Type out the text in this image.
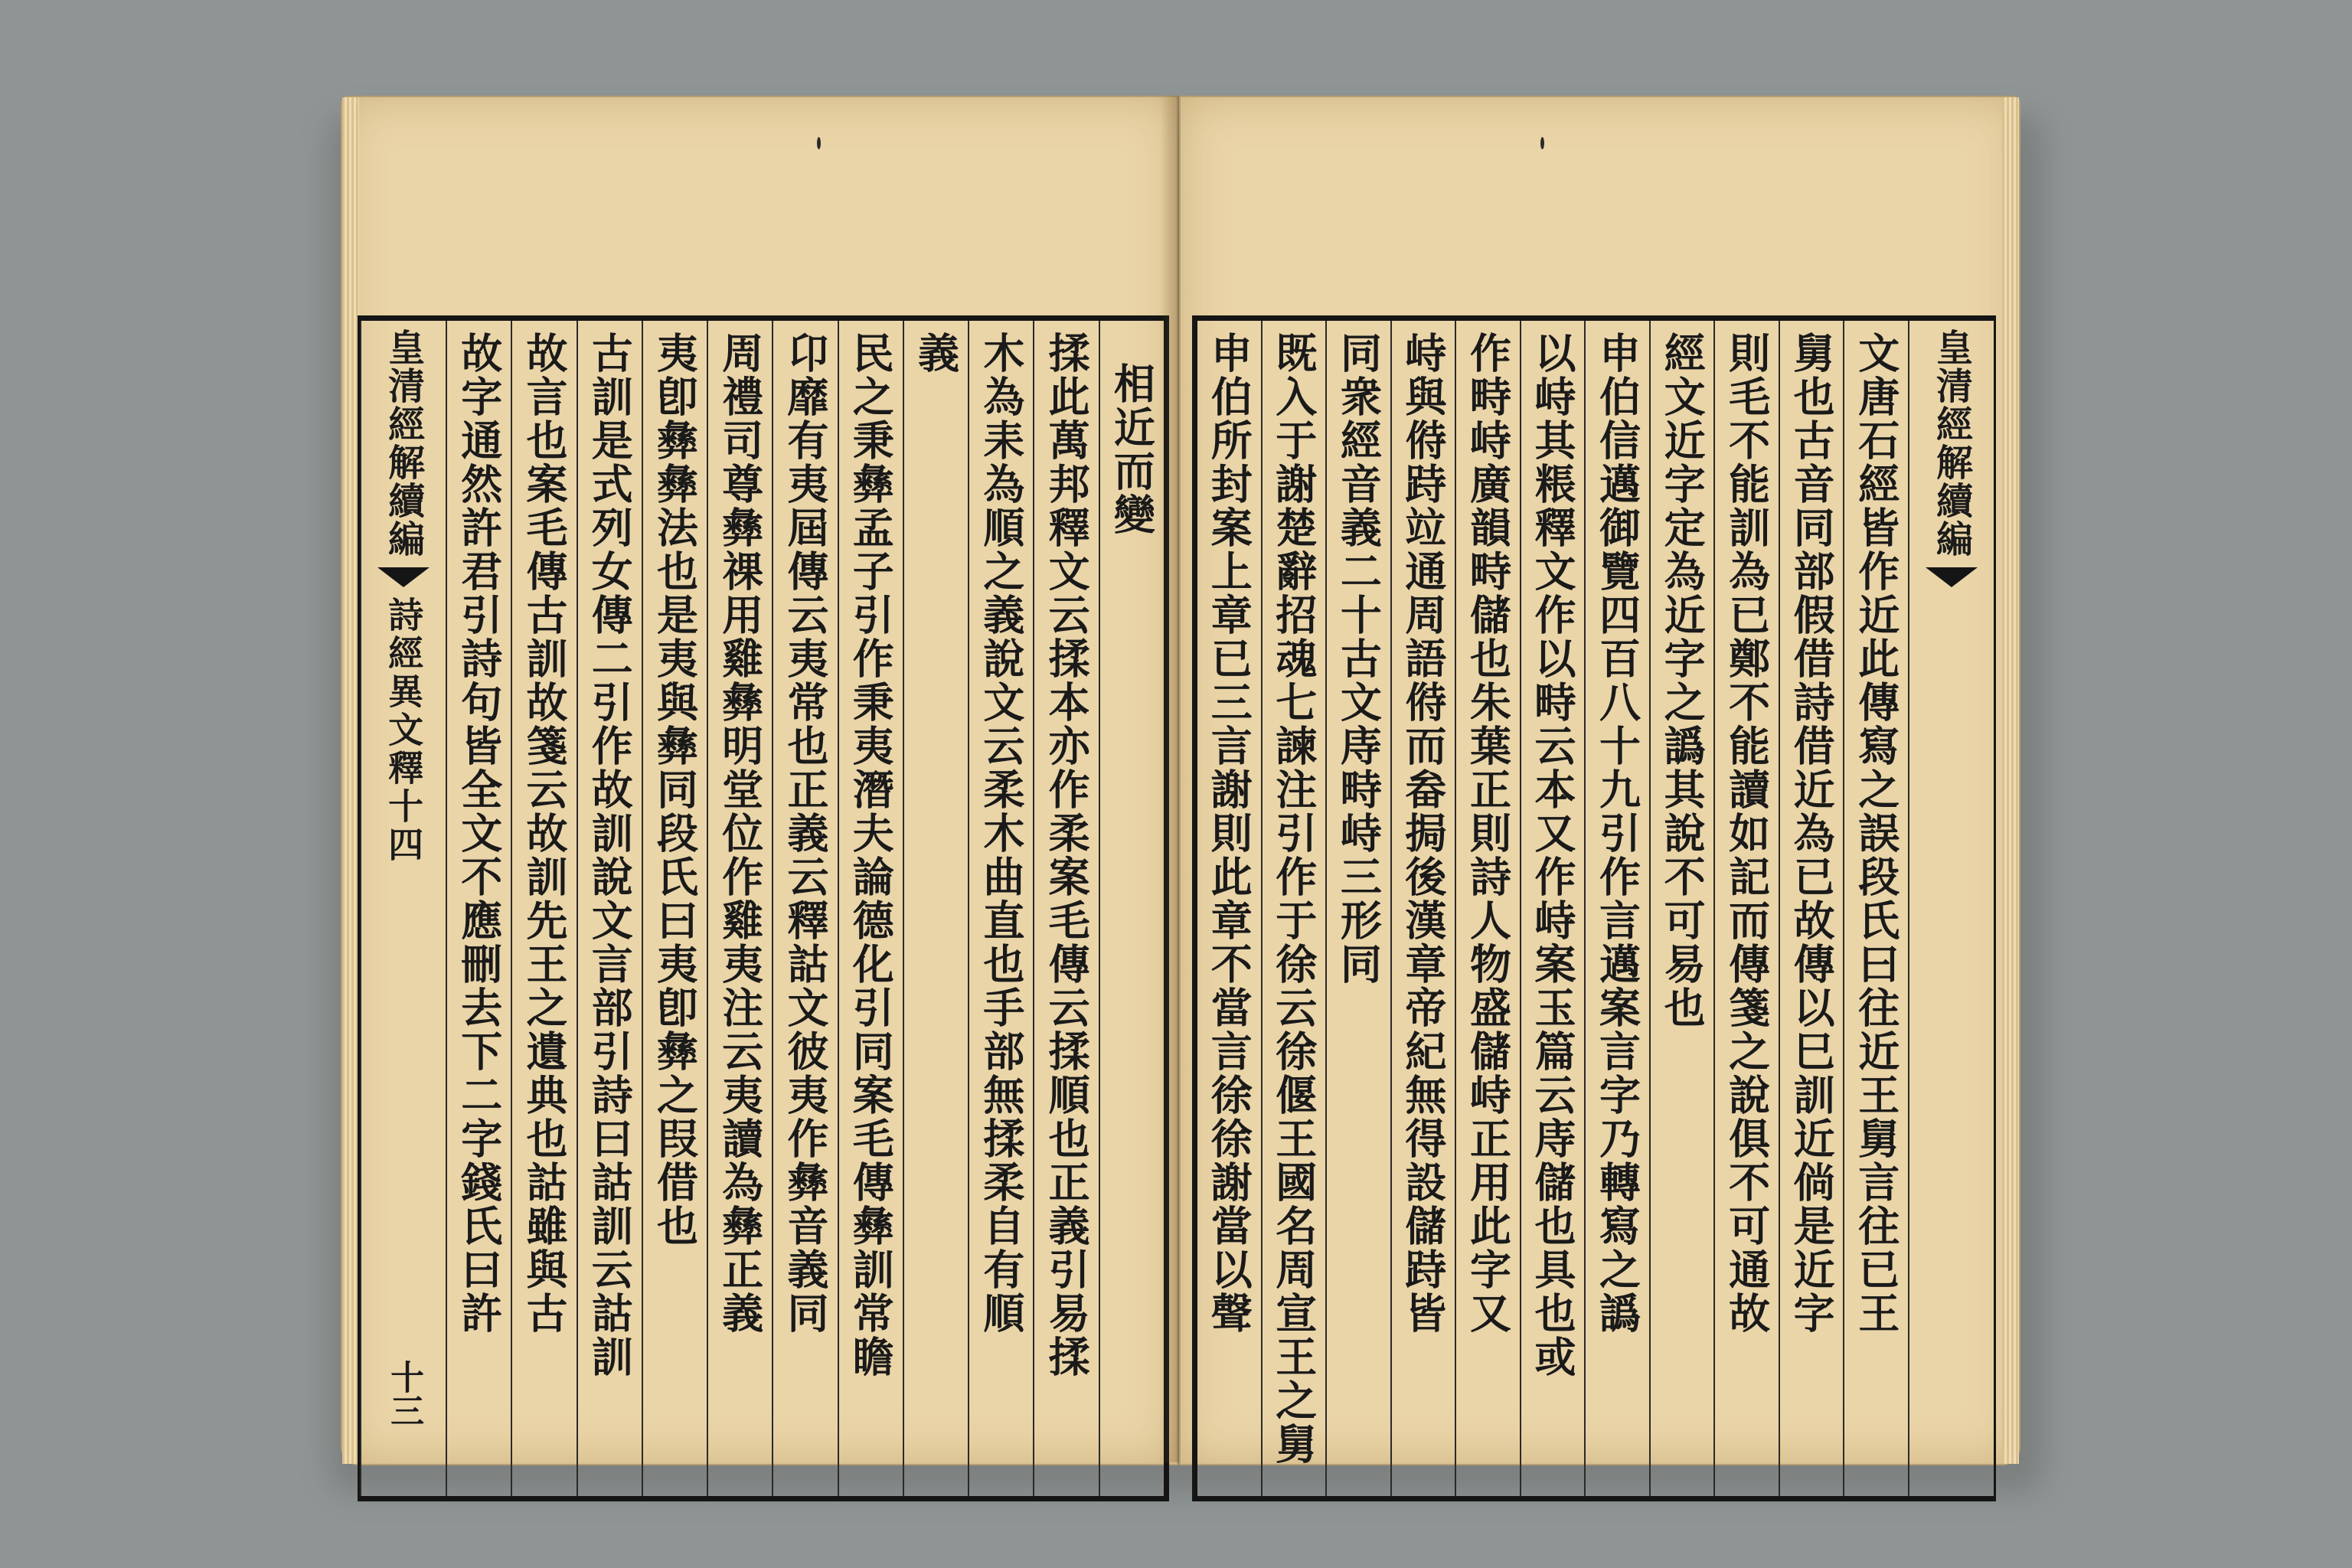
相近而變
揉此萬邦釋文云揉本亦作柔案毛傳云揉順也正義引易揉
木為耒為順之義說文云柔木曲直也手部無揉柔自有順
義
民之秉彝孟子引作秉夷潛夫論德化引同案毛傳彝訓常瞻
卬靡有夷屆傳云夷常也正義云釋詁文彼夷作彝音義同
周禮司尊彝祼用雞彝明堂位作雞夷注云夷讀為彝正義
夷卽彝彝法也是夷與彝同段氏曰夷卽彝之叚借也
古訓是式列女傳二引作故訓說文言部引詩曰詁訓云詁訓
故言也案毛傳古訓故箋云故訓先王之遺典也詁雖與古
故字通然許君引詩句皆全文不應刪去下二字錢氏曰許
皇清經解續編
詩經異文釋十四
十三
皇清經解續編
文唐石經皆作近此傳寫之誤段氏曰往近王舅言往已王
舅也古音同部假借詩借近為已故傳以巳訓近倘是近字
則毛不能訓為已鄭不能讀如記而傳箋之說俱不可通故
經文近字定為近字之譌其說不可易也
申伯信邁御覽四百八十九引作言邁案言字乃轉寫之譌
以峙其粻釋文作以畤云本又作峙案玉篇云庤儲也具也或
作畤峙廣韻畤儲也朱葉正則詩人物盛儲峙正用此字又
峙與偫跱竝通周語偫而畚挶後漢章帝紀無得設儲跱皆
同衆經音義二十古文庤畤峙三形同
既入于謝楚辭招魂七諫注引作于徐云徐偃王國名周宣王之舅
申伯所封案上章已三言謝則此章不當言徐徐謝當以聲
